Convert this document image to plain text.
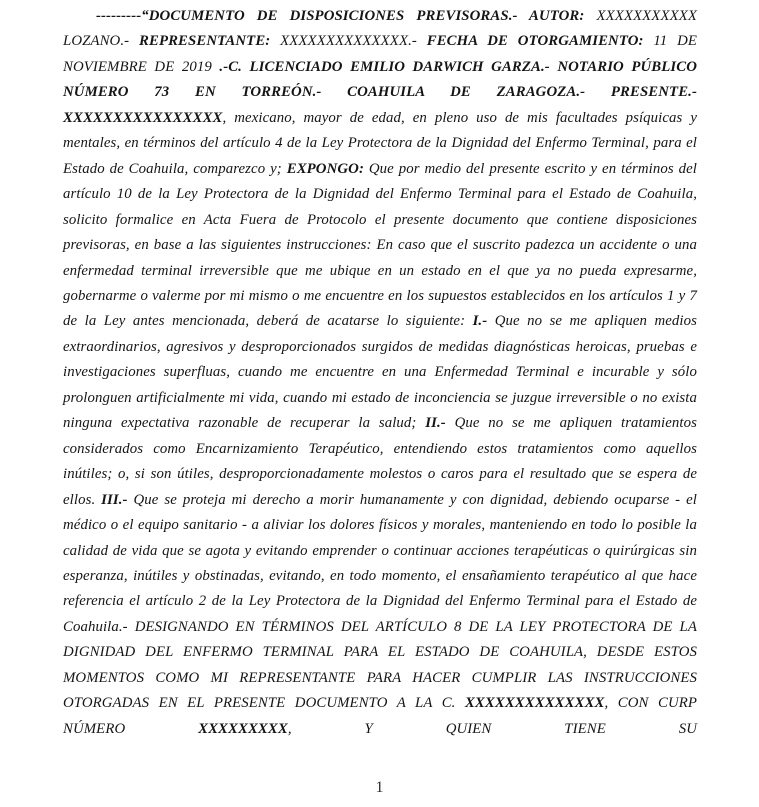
---------“DOCUMENTO DE DISPOSICIONES PREVISORAS.- AUTOR: XXXXXXXXXXX LOZANO.- REPRESENTANTE: XXXXXXXXXXXXXX.- FECHA DE OTORGAMIENTO: 11 DE NOVIEMBRE DE 2019 .-C. LICENCIADO EMILIO DARWICH GARZA.- NOTARIO PÚBLICO NÚMERO 73 EN TORREÓN.- COAHUILA DE ZARAGOZA.- PRESENTE.- XXXXXXXXXXXXXXXX, mexicano, mayor de edad, en pleno uso de mis facultades psíquicas y mentales, en términos del artículo 4 de la Ley Protectora de la Dignidad del Enfermo Terminal, para el Estado de Coahuila, comparezco y; EXPONGO: Que por medio del presente escrito y en términos del artículo 10 de la Ley Protectora de la Dignidad del Enfermo Terminal para el Estado de Coahuila, solicito formalice en Acta Fuera de Protocolo el presente documento que contiene disposiciones previsoras, en base a las siguientes instrucciones: En caso que el suscrito padezca un accidente o una enfermedad terminal irreversible que me ubique en un estado en el que ya no pueda expresarme, gobernarme o valerme por mi mismo o me encuentre en los supuestos establecidos en los artículos 1 y 7 de la Ley antes mencionada, deberá de acatarse lo siguiente: I.- Que no se me apliquen medios extraordinarios, agresivos y desproporcionados surgidos de medidas diagnósticas heroicas, pruebas e investigaciones superfluas, cuando me encuentre en una Enfermedad Terminal e incurable y sólo prolonguen artificialmente mi vida, cuando mi estado de inconciencia se juzgue irreversible o no exista ninguna expectativa razonable de recuperar la salud; II.- Que no se me apliquen tratamientos considerados como Encarnizamiento Terapéutico, entendiendo estos tratamientos como aquellos inútiles; o, si son útiles, desproporcionadamente molestos o caros para el resultado que se espera de ellos. III.- Que se proteja mi derecho a morir humanamente y con dignidad, debiendo ocuparse - el médico o el equipo sanitario - a aliviar los dolores físicos y morales, manteniendo en todo lo posible la calidad de vida que se agota y evitando emprender o continuar acciones terapéuticas o quirúrgicas sin esperanza, inútiles y obstinadas, evitando, en todo momento, el ensañamiento terapéutico al que hace referencia el artículo 2 de la Ley Protectora de la Dignidad del Enfermo Terminal para el Estado de Coahuila.- DESIGNANDO EN TÉRMINOS DEL ARTÍCULO 8 DE LA LEY PROTECTORA DE LA DIGNIDAD DEL ENFERMO TERMINAL PARA EL ESTADO DE COAHUILA, DESDE ESTOS MOMENTOS COMO MI REPRESENTANTE PARA HACER CUMPLIR LAS INSTRUCCIONES OTORGADAS EN EL PRESENTE DOCUMENTO A LA C. XXXXXXXXXXXXXX, CON CURP NÚMERO XXXXXXXXX, Y QUIEN TIENE SU

1
